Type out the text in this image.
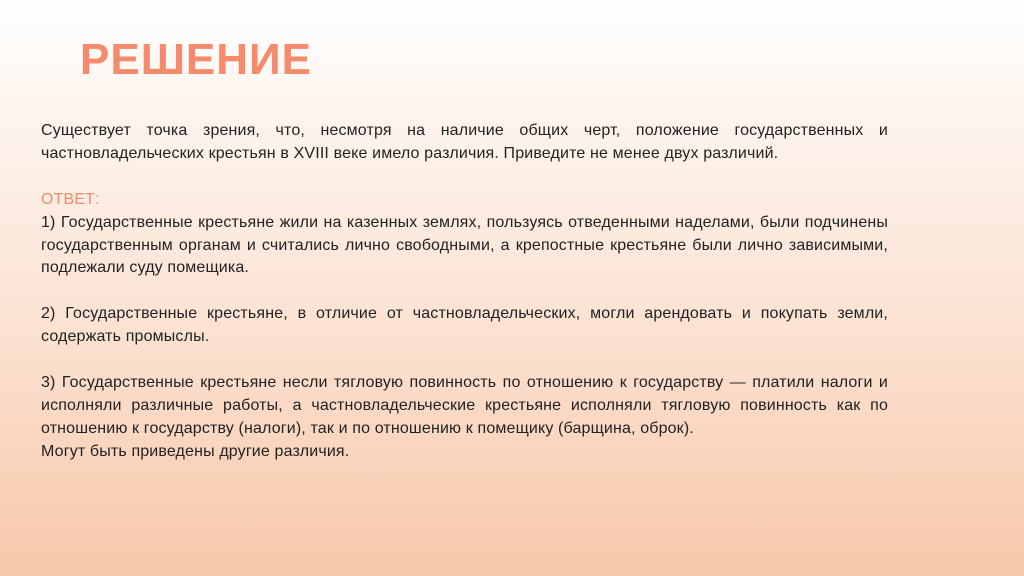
РЕШЕНИЕ

Существует точка зрения, что, несмотря на наличие общих черт, положение государственных и частновладельческих крестьян в XVIII веке имело различия. Приведите не менее двух различий.

ОТВЕТ:

1) Государственные крестьяне жили на казенных землях, пользуясь отведенными наделами, были подчинены государственным органам и считались лично свободными, а крепостные крестьяне были лично зависимыми, подлежали суду помещика.

2) Государственные крестьяне, в отличие от частновладельческих, могли арендовать и покупать земли, содержать промыслы.

3) Государственные крестьяне несли тягловую повинность по отношению к государству — платили налоги и исполняли различные работы, а частновладельческие крестьяне исполняли тягловую повинность как по отношению к государству (налоги), так и по отношению к помещику (барщина, оброк).

Могут быть приведены другие различия.
